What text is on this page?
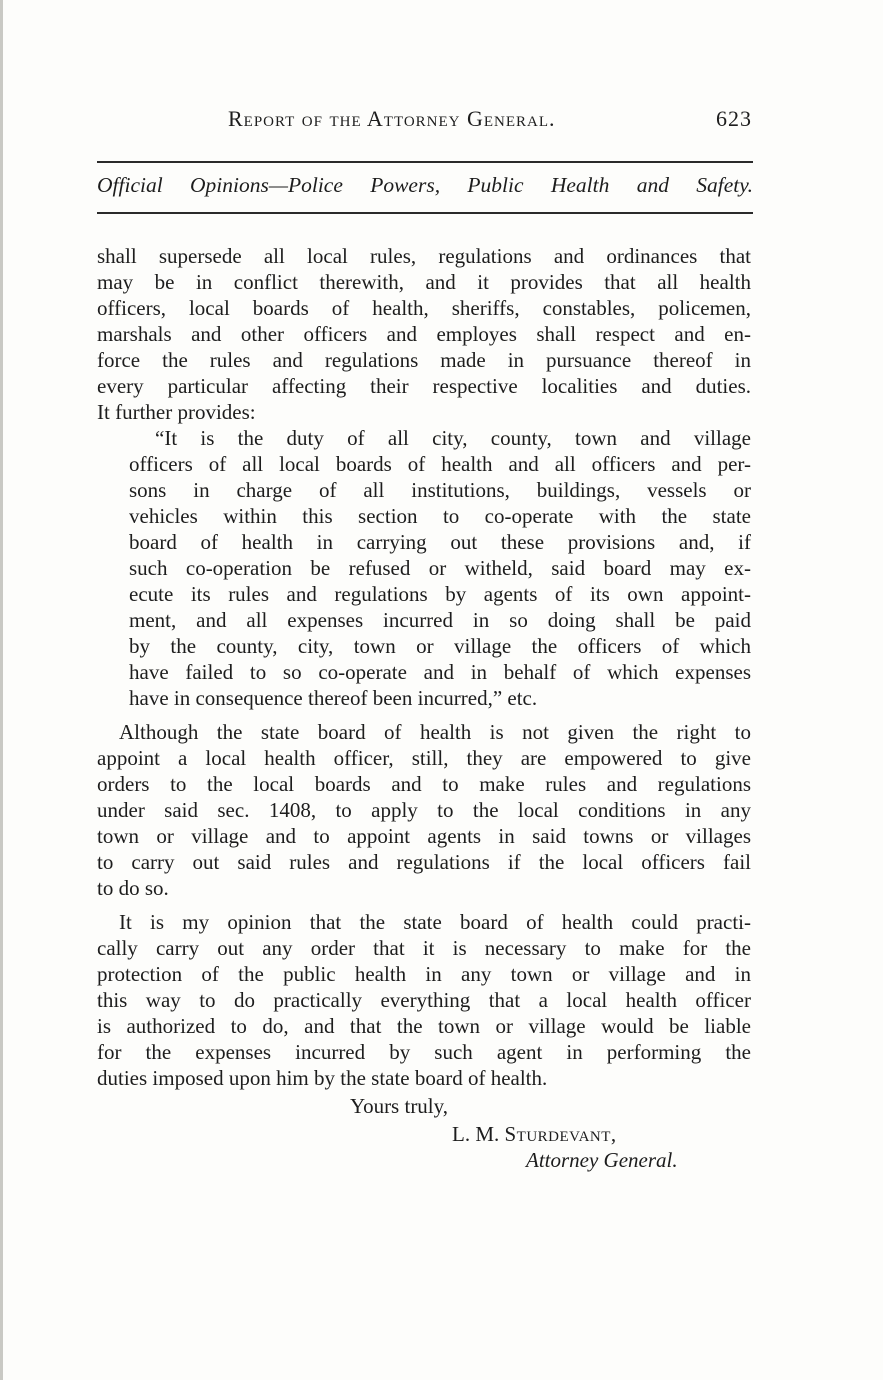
Report of the Attorney General.	623
Official Opinions—Police Powers, Public Health and Safety.
shall supersede all local rules, regulations and ordinances that
may be in conflict therewith, and it provides that all health
officers, local boards of health, sheriffs, constables, policemen,
marshals and other officers and employes shall respect and en-
force the rules and regulations made in pursuance thereof in
every particular affecting their respective localities and duties.
It further provides:
“It is the duty of all city, county, town and village
officers of all local boards of health and all officers and per-
sons in charge of all institutions, buildings, vessels or
vehicles within this section to co-operate with the state
board of health in carrying out these provisions and, if
such co-operation be refused or witheld, said board may ex-
ecute its rules and regulations by agents of its own appoint-
ment, and all expenses incurred in so doing shall be paid
by the county, city, town or village the officers of which
have failed to so co-operate and in behalf of which expenses
have in consequence thereof been incurred,” etc.
Although the state board of health is not given the right to
appoint a local health officer, still, they are empowered to give
orders to the local boards and to make rules and regulations
under said sec. 1408, to apply to the local conditions in any
town or village and to appoint agents in said towns or villages
to carry out said rules and regulations if the local officers fail
to do so.
It is my opinion that the state board of health could practi-
cally carry out any order that it is necessary to make for the
protection of the public health in any town or village and in
this way to do practically everything that a local health officer
is authorized to do, and that the town or village would be liable
for the expenses incurred by such agent in performing the
duties imposed upon him by the state board of health.
Yours truly,
L. M. Sturdevant,
Attorney General.
